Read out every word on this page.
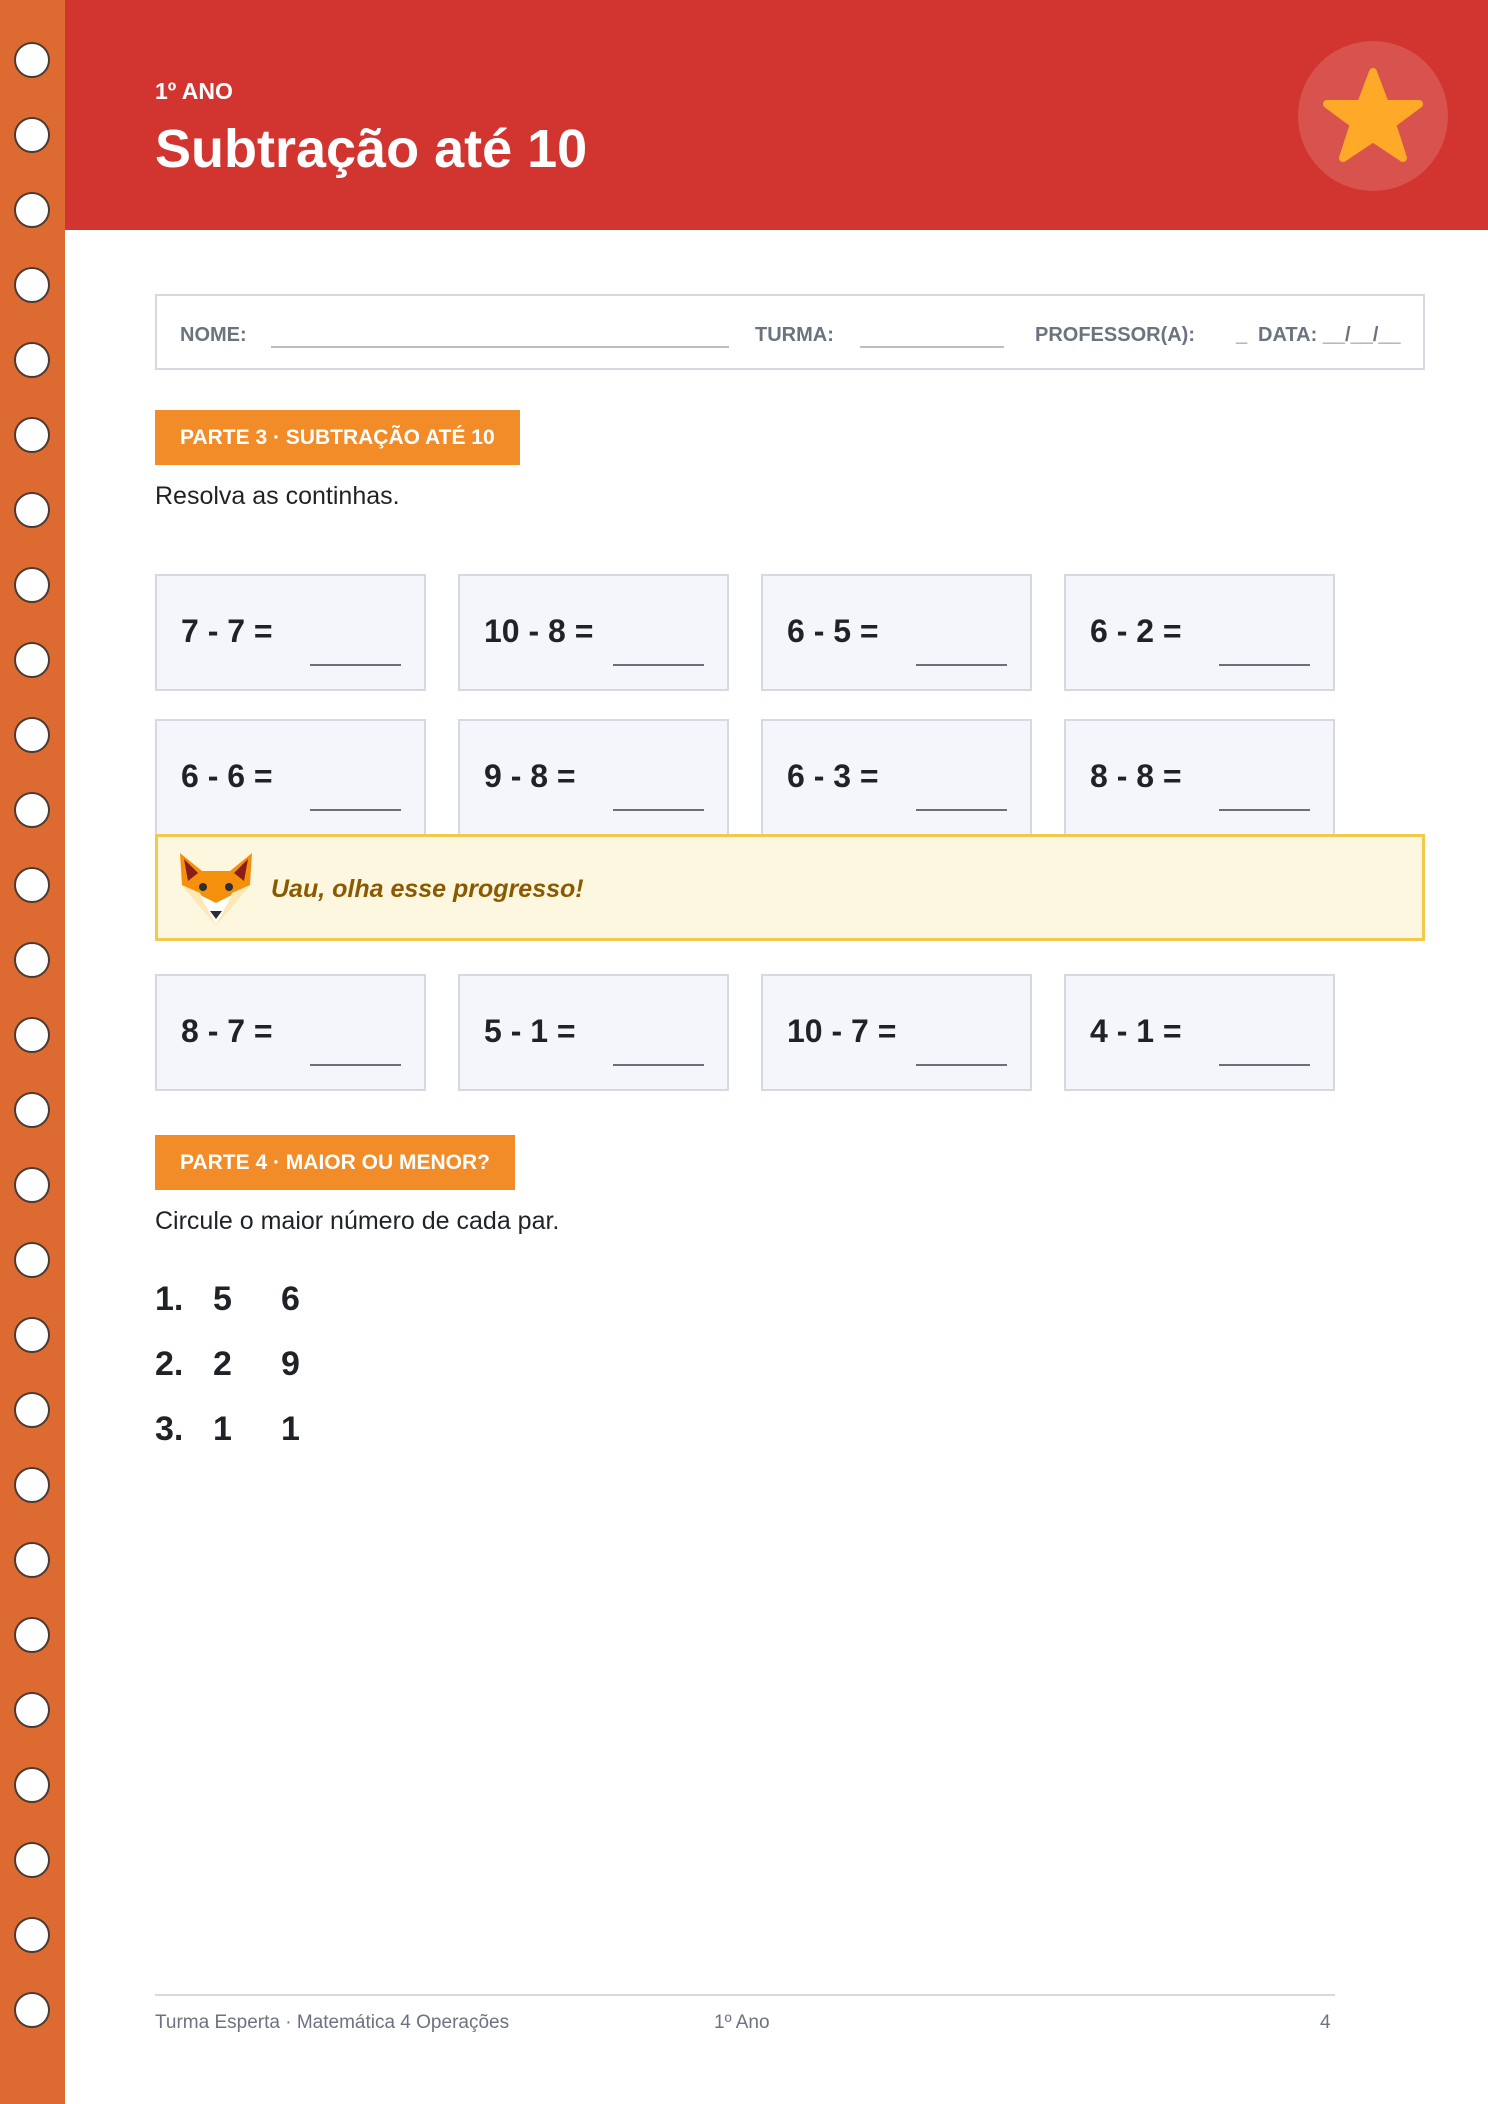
1º ANO
Subtração até 10
NOME:	TURMA:	PROFESSOR(A): _ DATA: __/__/__
PARTE 3 · SUBTRAÇÃO ATÉ 10
Resolva as continhas.
7 - 7 =	10 - 8 =	6 - 5 =	6 - 2 =
6 - 6 =	9 - 8 =	6 - 3 =	8 - 8 =
Uau, olha esse progresso!
8 - 7 =	5 - 1 =	10 - 7 =	4 - 1 =
PARTE 4 · MAIOR OU MENOR?
Circule o maior número de cada par.
1. 5 6
2. 2 9
3. 1 1
Turma Esperta · Matemática 4 Operações	1º Ano	4
